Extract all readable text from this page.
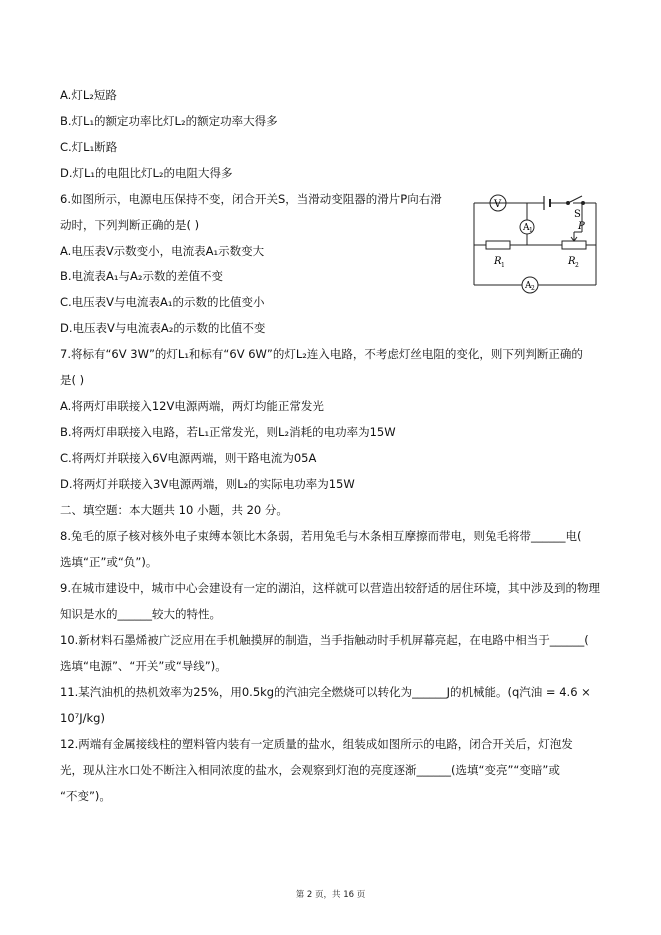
A.灯L₂短路
B.灯L₁的额定功率比灯L₂的额定功率大得多
C.灯L₁断路
D.灯L₁的电阻比灯L₂的电阻大得多
6.如图所示，电源电压保持不变，闭合开关S，当滑动变阻器的滑片P向右滑
动时，下列判断正确的是( )
A.电压表V示数变小，电流表A₁示数变大
B.电流表A₁与A₂示数的差值不变
C.电压表V与电流表A₁的示数的比值变小
D.电压表V与电流表A₂的示数的比值不变
7.将标有“6V 3W”的灯L₁和标有“6V 6W”的灯L₂连入电路，不考虑灯丝电阻的变化，则下列判断正确的
是( )
A.将两灯串联接入12V电源两端，两灯均能正常发光
B.将两灯串联接入电路，若L₁正常发光，则L₂消耗的电功率为15W
C.将两灯并联接入6V电源两端，则干路电流为05A
D.将两灯并联接入3V电源两端，则L₂的实际电功率为15W
二、填空题：本大题共 10 小题，共 20 分。
8.兔毛的原子核对核外电子束缚本领比木条弱，若用兔毛与木条相互摩擦而带电，则兔毛将带______电(
选填“正”或“负”)。
9.在城市建设中，城市中心会建设有一定的湖泊，这样就可以营造出较舒适的居住环境，其中涉及到的物理
知识是水的______较大的特性。
10.新材料石墨烯被广泛应用在手机触摸屏的制造，当手指触动时手机屏幕亮起，在电路中相当于______(
选填“电源”、“开关”或“导线”)。
11.某汽油机的热机效率为25%，用0.5kg的汽油完全燃烧可以转化为______J的机械能。(q汽油 = 4.6 ×
10⁷J/kg)
12.两端有金属接线柱的塑料管内装有一定质量的盐水，组装成如图所示的电路，闭合开关后，灯泡发
光，现从注水口处不断注入相同浓度的盐水，会观察到灯泡的亮度逐渐______(选填“变亮”“变暗”或
“不变”)。
V
A 1
A 2
S
P
R 1	R 2
第 2 页，共 16 页
